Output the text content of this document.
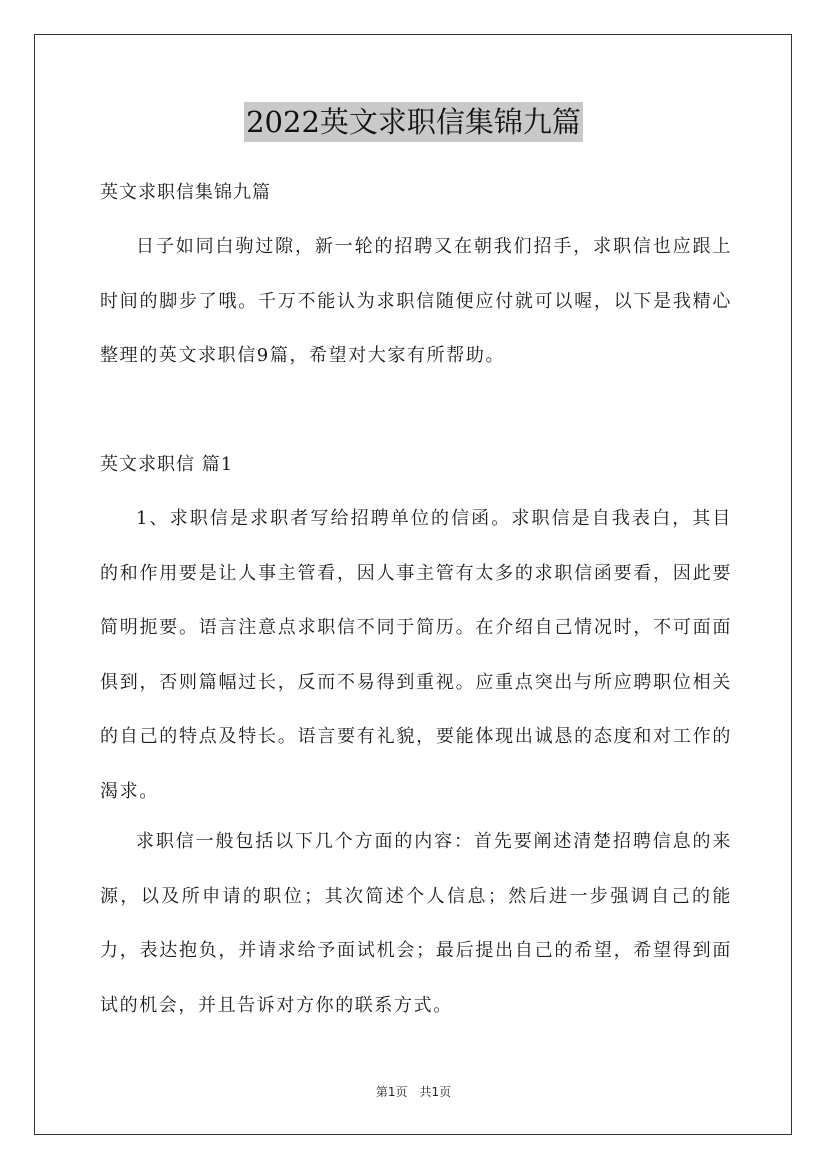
2022英文求职信集锦九篇
英文求职信集锦九篇
日子如同白驹过隙，新一轮的招聘又在朝我们招手，求职信也应跟上时间的脚步了哦。千万不能认为求职信随便应付就可以喔，以下是我精心整理的英文求职信9篇，希望对大家有所帮助。
英文求职信 篇1
1、求职信是求职者写给招聘单位的信函。求职信是自我表白，其目的和作用要是让人事主管看，因人事主管有太多的求职信函要看，因此要简明扼要。语言注意点求职信不同于简历。在介绍自己情况时，不可面面俱到，否则篇幅过长，反而不易得到重视。应重点突出与所应聘职位相关的自己的特点及特长。语言要有礼貌，要能体现出诚恳的态度和对工作的渴求。
求职信一般包括以下几个方面的内容：首先要阐述清楚招聘信息的来源，以及所申请的职位；其次简述个人信息；然后进一步强调自己的能力，表达抱负，并请求给予面试机会；最后提出自己的希望，希望得到面试的机会，并且告诉对方你的联系方式。
第1页 共1页
